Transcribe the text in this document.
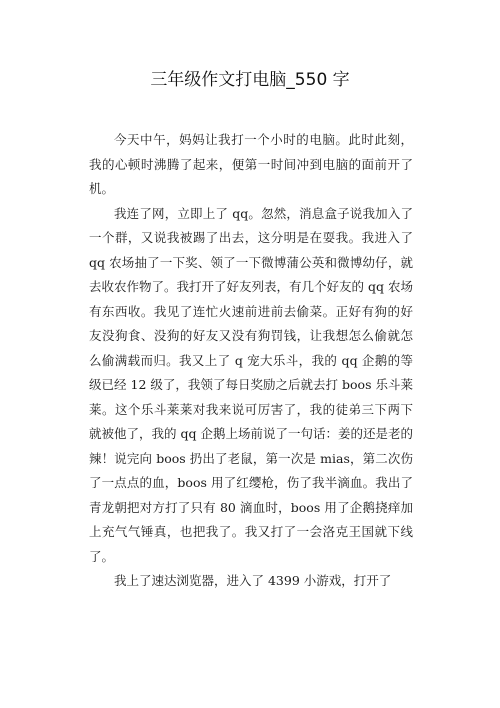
三年级作文打电脑_550 字

今天中午，妈妈让我打一个小时的电脑。此时此刻，我的心顿时沸腾了起来，便第一时间冲到电脑的面前开了机。

我连了网，立即上了 qq。忽然，消息盒子说我加入了一个群，又说我被踢了出去，这分明是在耍我。我进入了 qq 农场抽了一下奖、领了一下微博蒲公英和微博幼仔，就去收农作物了。我打开了好友列表，有几个好友的 qq 农场有东西收。我见了连忙火速前进前去偷菜。正好有狗的好友没狗食、没狗的好友又没有狗罚钱，让我想怎么偷就怎么偷满载而归。我又上了 q 宠大乐斗，我的 qq 企鹅的等级已经 12 级了，我领了每日奖励之后就去打 boos 乐斗莱莱。这个乐斗莱莱对我来说可厉害了，我的徒弟三下两下就被他了，我的 qq 企鹅上场前说了一句话：姜的还是老的辣！说完向 boos 扔出了老鼠，第一次是 mias，第二次伤了一点点的血，boos 用了红缨枪，伤了我半滴血。我出了青龙朝把对方打了只有 80 滴血时，boos 用了企鹅挠痒加上充气气锤真，也把我了。我又打了一会洛克王国就下线了。

我上了速达浏览器，进入了 4399 小游戏，打开了
